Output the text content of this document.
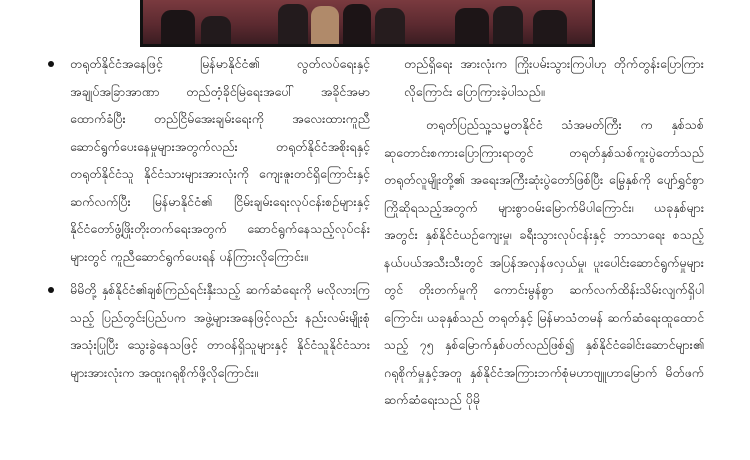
တရုတ်နိုင်ငံအနေဖြင့် မြန်မာနိုင်ငံ၏ လွတ်လပ်ရေးနှင့် အချုပ်အခြာအာဏာ တည်တံ့ခိုင်မြဲရေးအပေါ် အခိုင်အမာ ထောက်ခံပြီး တည်ငြိမ်အေးချမ်းရေးကို အလေးထားကူညီ ဆောင်ရွက်ပေးနေမှုများအတွက်လည်း တရုတ်နိုင်ငံအစိုးရနှင့် တရုတ်နိုင်ငံသူ နိုင်ငံသားများအားလုံးကို ကျေးဇူးတင်ရှိကြောင်းနှင့် ဆက်လက်ပြီး မြန်မာနိုင်ငံ၏ ငြိမ်းချမ်းရေးလုပ်ငန်းစဉ်များနှင့် နိုင်ငံတော်ဖွံ့ဖြိုးတိုးတက်ရေးအတွက် ဆောင်ရွက်နေသည့်လုပ်ငန်းများတွင် ကူညီဆောင်ရွက်ပေးရန် ပန်ကြားလိုကြောင်း။
မိမိတို့ နှစ်နိုင်ငံ၏ချစ်ကြည်ရင်းနှီးသည့် ဆက်ဆံရေးကို မလိုလားကြသည့် ပြည်တွင်းပြည်ပက အဖွဲ့များအနေဖြင့်လည်း နည်းလမ်းမျိုးစုံအသုံးပြုပြီး သွေးခွဲနေသဖြင့် တာဝန်ရှိသူများနှင့် နိုင်ငံသူနိုင်ငံသားများအားလုံးက အထူးဂရုစိုက်ဖို့လိုကြောင်း။

တည်ရှိရေး အားလုံးက ကြိုးပမ်းသွားကြပါဟု တိုက်တွန်းပြောကြားလိုကြောင်း ပြောကြားခဲ့ပါသည်။

တရုတ်ပြည်သူ့သမ္မတနိုင်ငံ သံအမတ်ကြီး က နှစ်သစ်ဆုတောင်းစကားပြောကြားရာတွင် တရုတ်နှစ်သစ်ကူးပွဲတော်သည် တရုတ်လူမျိုးတို့၏ အရေးအကြီးဆုံးပွဲတော်ဖြစ်ပြီး မြွေနှစ်ကို ပျော်ရွှင်စွာကြိုဆိုရသည့်အတွက် များစွာဝမ်းမြောက်မိပါကြောင်း၊ ယခုနှစ်များအတွင်း နှစ်နိုင်ငံယဉ်ကျေးမှု၊ ခရီးသွားလုပ်ငန်းနှင့် ဘာသာရေး စသည့် နယ်ပယ်အသီးသီးတွင် အပြန်အလှန်ဖလှယ်မှု၊ ပူးပေါင်းဆောင်ရွက်မှုများတွင် တိုးတက်မှုကို ကောင်းမွန်စွာ ဆက်လက်ထိန်းသိမ်းလျက်ရှိပါကြောင်း၊ ယခုနှစ်သည် တရုတ်နှင့် မြန်မာသံတမန် ဆက်ဆံရေးထူထောင်သည့် ၇၅ နှစ်မြောက်နှစ်ပတ်လည်ဖြစ်၍ နှစ်နိုင်ငံခေါင်းဆောင်များ၏ ဂရုစိုက်မှုနှင့်အတူ နှစ်နိုင်ငံအကြားဘက်စုံမဟာဗျူဟာမြောက် မိတ်ဖက်ဆက်ဆံရေးသည် ပိုမို
